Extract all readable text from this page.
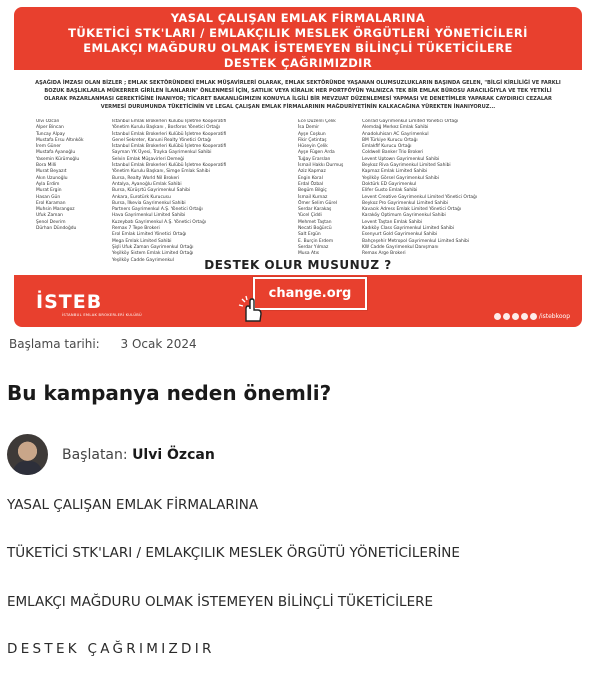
YASAL ÇALIŞAN EMLAK FİRMALARINA
TÜKETİCİ STK'LARI / EMLAKÇILIK MESLEK ÖRGÜTLERİ YÖNETİCİLERİ
EMLAKÇI MAĞDURU OLMAK İSTEMEYEN BİLİNÇLİ TÜKETİCİLERE
DESTEK ÇAĞRIMIZDIR
AŞAĞIDA İMZASI OLAN BİZLER ; EMLAK SEKTÖRÜNDEKİ EMLAK MÜŞAVİRLERİ OLARAK, EMLAK SEKTÖRÜNDE YAŞANAN OLUMSUZLUKLARIN BAŞINDA GELEN, "BİLGİ KİRLİLİĞİ VE FARKLI BOZUK BAŞLIKLARLA MÜKERRER GİRİLEN İLANLARIN" ÖNLENMESİ İÇİN, SATILIK VEYA KİRALIK HER PORTFÖYÜN YALNIZCA TEK BİR EMLAK BÜROSU ARACILIĞIYLA VE TEK YETKİLİ OLARAK PAZARLANMASI GEREKTİĞİNE İNANIYOR; TİCARET BAKANLIĞIMIZIN KONUYLA İLGİLİ BİR MEVZUAT DÜZENLEMESİ YAPMASI VE DENETİMLER YAPARAK CAYDIRICI CEZALAR VERMESİ DURUMUNDA TÜKETİCİNİN VE LEGAL ÇALIŞAN EMLAK FİRMALARININ MAĞDURİYETİNİN KALKACAĞINA YÜREKTEN İNANIYORUZ...
Ulvi Özcan
Alper Bincan
Tuncay Alpay
Mustafa Ersu Altınkök
İrem Güner
Mustafa Ayanoğlu
Yasemin Kürümoğlu
Bora Milli
Murat Beyazıt
Akın Uzunoğlu
Ayla Erdim
Murat Ergin
Hasan Gün
Erol Karaman
Muhsin Marangoz
Ufuk Zaman
Şenol Devrim
Dürhan Dündoğdu
İstanbul Emlak Brokerleri Kulübü İşletme Kooperatifi
Yönetim Kurulu Başkanı , Bosforos Yönetici Ortağı
İstanbul Emlak Brokerleri Kulübü İşletme Kooperatifi
Genel Sekreter, Kanuni Realty Yönetici Ortağı
İstanbul Emlak Brokerleri Kulübü İşletme Kooperatifi
Sayman YK Üyesi, Trayka Gayrimenkul Sahibi
Selvin Emlak Müşavirleri Demeği
İstanbul Emlak Brokerleri Kulübü İşletme Kooperatifi
Yönetim Kurulu Başkanı, Simge Emlak Sahibi
Bursa, Realty World Nil Brokeri
Antalya, Ayanoğlu Emlak Sahibi
Bursa, Kürüşrtü Gayrimenkul Sahibi
Ankara, Eurotürk Kurucusu
Bursa, İlkevia Gayrimenkul Sahibi
Partners Gayrimenkul A.Ş. Yönetici Ortağı
Hava Gayrimenkul Limited Sahibi
Kuzeybatı Gayrimenkul A.Ş. Yönetici Ortağı
Remax 7 Tepe Brokeri
Erol Emlak Limited Yönetici Ortağı
Mega Emlak Limited Sahibi
Şişli Ufuk Zaman Gayrimenkul Ortağı
Yeşilköy Sistem Emlak Limited Ortağı
Yeşilköy Cadde Gayrimenkul
Ece Düzenli Çelik
İsa Demir
Ayşe Coşkun
Fikir Çetintaş
Hüseyin Çelik
Ayşe Fügen Arda
Tuğay Erarslan
İsmail Hakkı Durmuş
Aziz Kapmaz
Engin Koral
Erdal Özbal
Begüm Bilgiç
İsmail Kurnaz
Ömer Selim Gürel
Serdar Karakaş
Yücel Çiddi
Mehmet Taştan
Necati Boğürcü
Salt Ergün
E. Burçin Erdem
Serdar Yılmaz
Musa Atıs
Conrad Gayrimenkul Limited Yönetici Ortağı
Alemdağ Merkez Emlak Sahibi
Anadoluhisarı AC Gayrimenkul
BM Türkiye Kurucu Ortağı
Emlakfif Kurucu Ortağı
Coldwell Banker Trio Brokeri
Levent Uptown Gayrimenkul Sahibi
Beykoz Riva Gayrimenkul Limited Sahibi
Kapmaz Emlak Limited Sahibi
Yeşilköy Görsel Gayrimenkul Sahibi
Doktürk ED Gayrimenkul
Elifer Gusto Emlak Sahibi
Levent Creative Gayrimenkul Limited Yönetici Ortağı
Beykoz Pro Gayrimenkul Limited Sahibi
Kavacık Adress Emlak Limited Yönetici Ortağı
Karaköy Optimum Gayrimenkul Sahibi
Levent Taştan Emlak Sahibi
Kadıköy Class Gayrimenkul Limited Sahibi
Esenyurt Gold Gayrimenkul Sahibi
Bahçeşehir Metropol Gayrimenkul Limited Sahibi
KW Cadde Gayrimenkul Danışmanı
Remax Arge Brokeri
DESTEK OLUR MUSUNUZ ?
İSTEB
İSTANBUL EMLAK BROKERLERİ KULÜBÜ
change.org
/istebkoop
Başlama tarihi: 3 Ocak 2024
Bu kampanya neden önemli?
Başlatan: Ulvi Özcan
YASAL ÇALIŞAN EMLAK FİRMALARINA
TÜKETİCİ STK'LARI / EMLAKÇILIK MESLEK ÖRGÜTÜ YÖNETİCİLERİNE
EMLAKÇI MAĞDURU OLMAK İSTEMEYEN BİLİNÇLİ TÜKETİCİLERE
DESTEK ÇAĞRIMIZDIR
